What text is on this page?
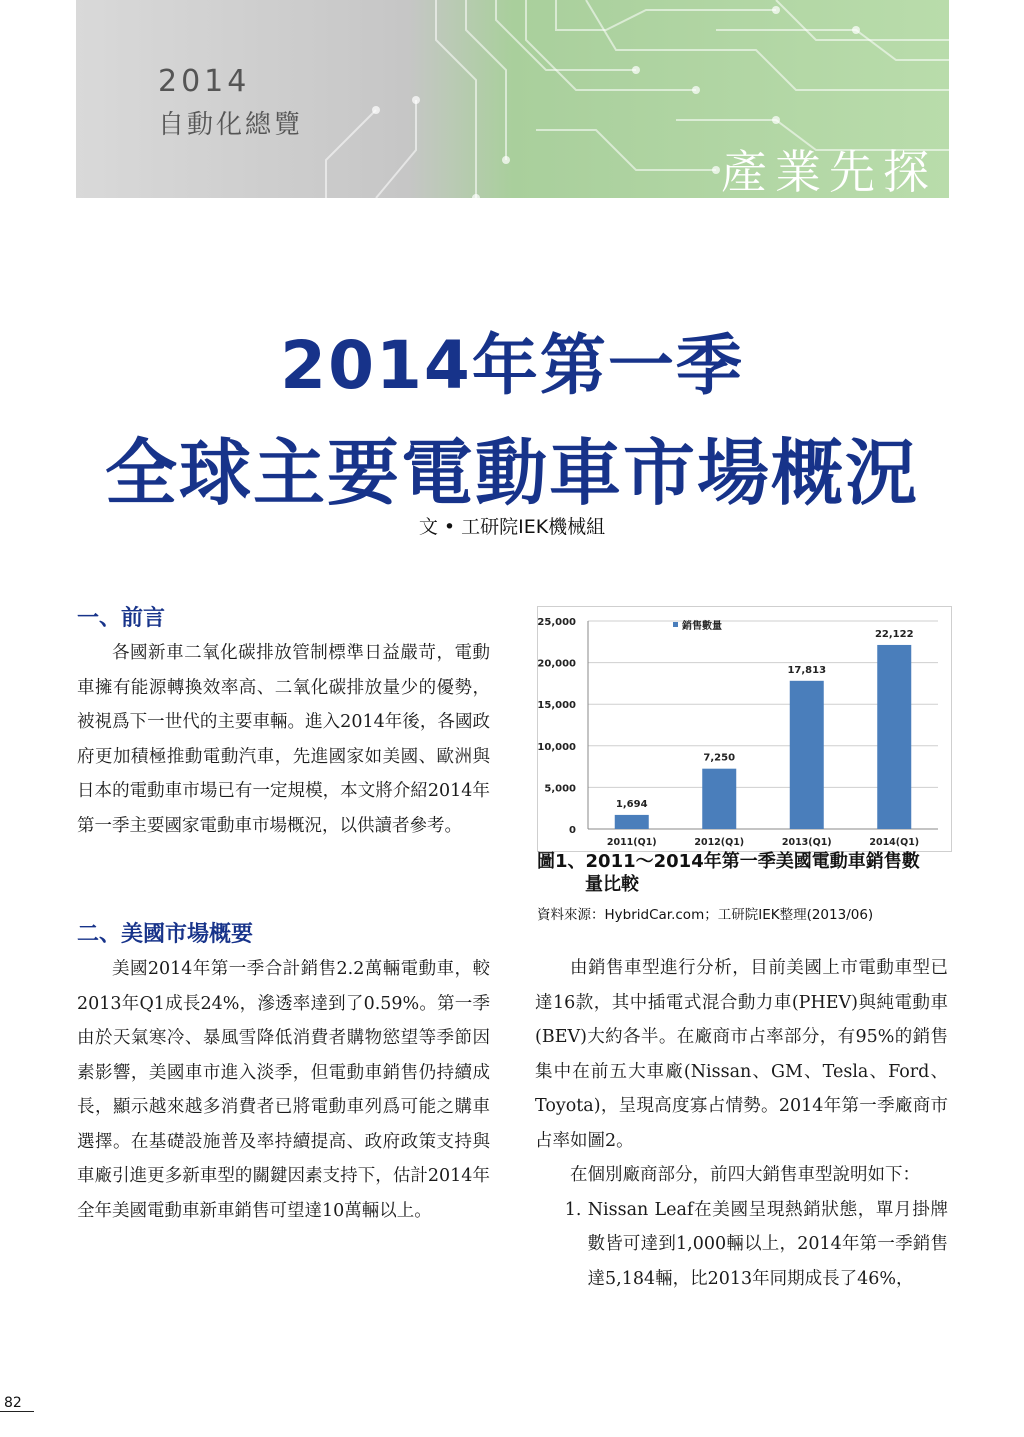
2014
自動化總覽
產業先探
2014年第一季
全球主要電動車市場概況
文 • 工研院IEK機械組
一、前言

各國新車二氧化碳排放管制標準日益嚴苛，電動車擁有能源轉換效率高、二氧化碳排放量少的優勢，被視爲下一世代的主要車輛。進入2014年後，各國政府更加積極推動電動汽車，先進國家如美國、歐洲與日本的電動車市場已有一定規模，本文將介紹2014年第一季主要國家電動車市場概況，以供讀者參考。

二、美國市場概要

美國2014年第一季合計銷售2.2萬輛電動車，較2013年Q1成長24%，滲透率達到了0.59%。第一季由於天氣寒冷、暴風雪降低消費者購物慾望等季節因素影響，美國車市進入淡季，但電動車銷售仍持續成長，顯示越來越多消費者已將電動車列爲可能之購車選擇。在基礎設施普及率持續提高、政府政策支持與車廠引進更多新車型的關鍵因素支持下，估計2014年全年美國電動車新車銷售可望達10萬輛以上。

0
5,000
10,000
15,000
20,000
25,000	銷售數量
1,694
2011(Q1)
7,250
2012(Q1)
17,813
2013(Q1)
22,122
2014(Q1)
圖1、2011～2014年第一季美國電動車銷售數
量比較
資料來源：HybridCar.com；工研院IEK整理(2013/06)

由銷售車型進行分析，目前美國上市電動車型已達16款，其中插電式混合動力車(PHEV)與純電動車(BEV)大約各半。在廠商市占率部分，有95%的銷售集中在前五大車廠(Nissan、GM、Tesla、Ford、Toyota)，呈現高度寡占情勢。2014年第一季廠商市占率如圖2。

在個別廠商部分，前四大銷售車型說明如下：

1. Nissan Leaf在美國呈現熱銷狀態，單月掛牌數皆可達到1,000輛以上，2014年第一季銷售達5,184輛，比2013年同期成長了46%，

82
